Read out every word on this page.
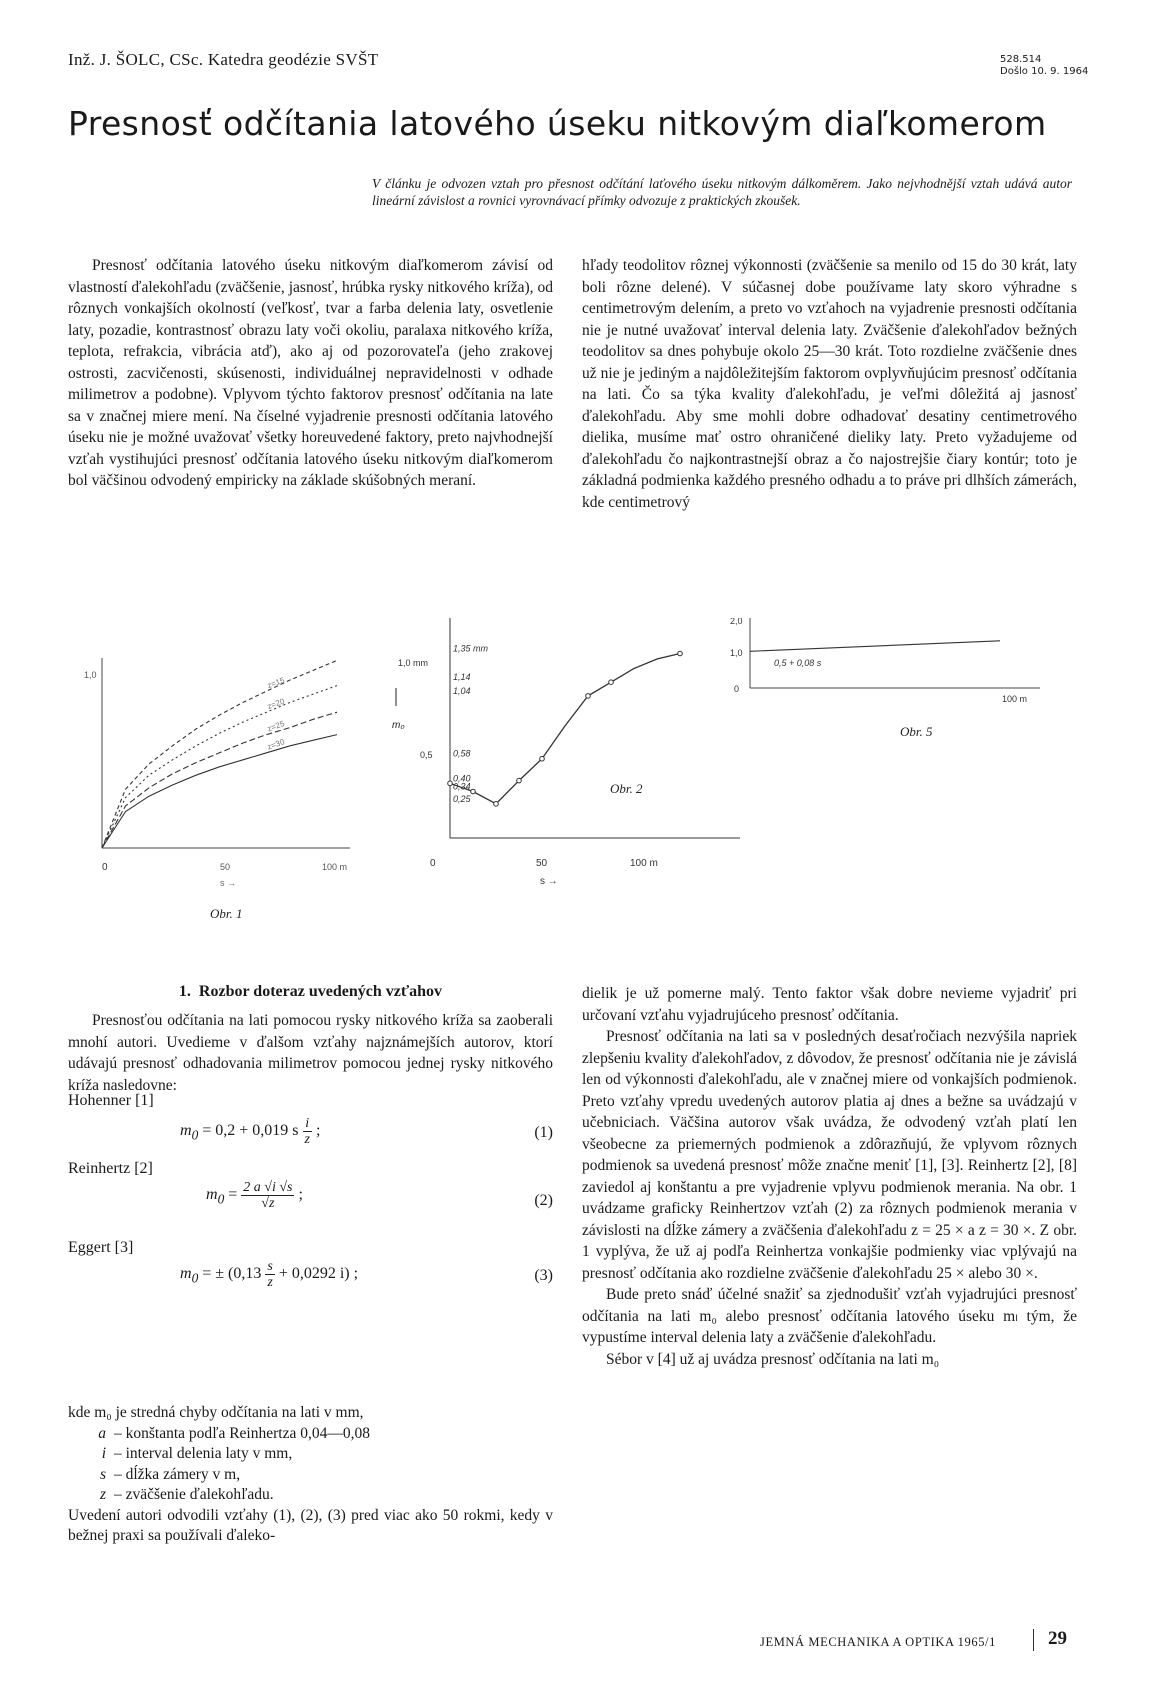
Inž. J. ŠOLC, CSc. Katedra geodézie SVŠT	528.514
Došlo 10. 9. 1964
Presnosť odčítania latového úseku nitkovým diaľkomerom
V článku je odvozen vztah pro přesnost odčítání laťového úseku nitkovým dálkoměrem. Jako nejvhodnější vztah udává autor lineární závislost a rovnici vyrovnávací přímky odvozuje z praktických zkoušek.

Presnosť odčítania latového úseku nitkovým diaľkomerom závisí od vlastností ďalekohľadu (zväčšenie, jasnosť, hrúbka rysky nitkového kríža), od rôznych vonkajších okolností (veľkosť, tvar a farba delenia laty, osvetlenie laty, pozadie, kontrastnosť obrazu laty voči okoliu, paralaxa nitkového kríža, teplota, refrakcia, vibrácia atď), ako aj od pozorovateľa (jeho zrakovej ostrosti, zacvičenosti, skúsenosti, individuálnej nepravidelnosti v odhade milimetrov a podobne). Vplyvom týchto faktorov presnosť odčítania na late sa v značnej miere mení. Na číselné vyjadrenie presnosti odčítania latového úseku nie je možné uvažovať všetky horeuvedené faktory, preto najvhodnejší vzťah vystihujúci presnosť odčítania latového úseku nitkovým diaľkomerom bol väčšinou odvodený empiricky na základe skúšobných meraní.

hľady teodolitov rôznej výkonnosti (zväčšenie sa menilo od 15 do 30 krát, laty boli rôzne delené). V súčasnej dobe používame laty skoro výhradne s centimetrovým delením, a preto vo vzťahoch na vyjadrenie presnosti odčítania nie je nutné uvažovať interval delenia laty. Zväčšenie ďalekohľadov bežných teodolitov sa dnes pohybuje okolo 25—30 krát. Toto rozdielne zväčšenie dnes už nie je jediným a najdôležitejším faktorom ovplyvňujúcim presnosť odčítania na lati. Čo sa týka kvality ďalekohľadu, je veľmi dôležitá aj jasnosť ďalekohľadu. Aby sme mohli dobre odhadovať desatiny centimetrového dielika, musíme mať ostro ohraničené dieliky laty. Preto vyžadujeme od ďalekohľadu čo najkontrastnejší obraz a čo najostrejšie čiary kontúr; toto je základná podmienka každého presného odhadu a to práve pri dlhších zámerách, kde centimetrový

1,0
0	50	100 m
s →
z=15
z=20
z=25
z=30
Obr. 1
m₀
1,0 mm
0,5
0	50	100 m
s →
1,35 mm
1,14
1,04
0,58
0,40
0,34
0,25
Obr. 2
2,0
1,0
0
100 m
0,5 + 0,08 s
Obr. 5
1. Rozbor doteraz uvedených vzťahov

Presnosťou odčítania na lati pomocou rysky nitkového kríža sa zaoberali mnohí autori. Uvedieme v ďalšom vzťahy najznámejších autorov, ktorí udávajú presnosť odhadovania milimetrov pomocou jednej rysky nitkového kríža nasledovne:

Hohenner [1]
$m_0 = 0,2 + 0,019$ s $\frac{i}{z}$ ;	(1)
Reinhertz [2]
$m_0 = \frac{2 a √i √s}{√z}$ ;	(2)
Eggert [3]
$m_0$ = ± ($0,13 \frac{s}{z} + 0,0292$ i) ;	(3)
kde m₀ je stredná chyby odčítania na lati v mm,
a – konštanta podľa Reinhertza 0,04—0,08
i – interval delenia laty v mm,
s – dĺžka zámery v m,
z – zväčšenie ďalekohľadu.
Uvedení autori odvodili vzťahy (1), (2), (3) pred viac ako 50 rokmi, kedy v bežnej praxi sa používali ďaleko-

dielik je už pomerne malý. Tento faktor však dobre nevieme vyjadriť pri určovaní vzťahu vyjadrujúceho presnosť odčítania.

Presnosť odčítania na lati sa v posledných desaťročiach nezvýšila napriek zlepšeniu kvality ďalekohľadov, z dôvodov, že presnosť odčítania nie je závislá len od výkonnosti ďalekohľadu, ale v značnej miere od vonkajších podmienok. Preto vzťahy vpredu uvedených autorov platia aj dnes a bežne sa uvádzajú v učebniciach. Väčšina autorov však uvádza, že odvodený vzťah platí len všeobecne za priemerných podmienok a zdôrazňujú, že vplyvom rôznych podmienok sa uvedená presnosť môže značne meniť [1], [3]. Reinhertz [2], [8] zaviedol aj konštantu a pre vyjadrenie vplyvu podmienok merania. Na obr. 1 uvádzame graficky Reinhertzov vzťah (2) za rôznych podmienok merania v závislosti na dĺžke zámery a zväčšenia ďalekohľadu z = 25 × a z = 30 ×. Z obr. 1 vyplýva, že už aj podľa Reinhertza vonkajšie podmienky viac vplývajú na presnosť odčítania ako rozdielne zväčšenie ďalekohľadu 25 × alebo 30 ×.

Bude preto snáď účelné snažiť sa zjednodušiť vzťah vyjadrujúci presnosť odčítania na lati m₀ alebo presnosť odčítania latového úseku mₗ tým, že vypustíme interval delenia laty a zväčšenie ďalekohľadu.

Sébor v [4] už aj uvádza presnosť odčítania na lati m₀

JEMNÁ MECHANIKA A OPTIKA 1965/1	29
